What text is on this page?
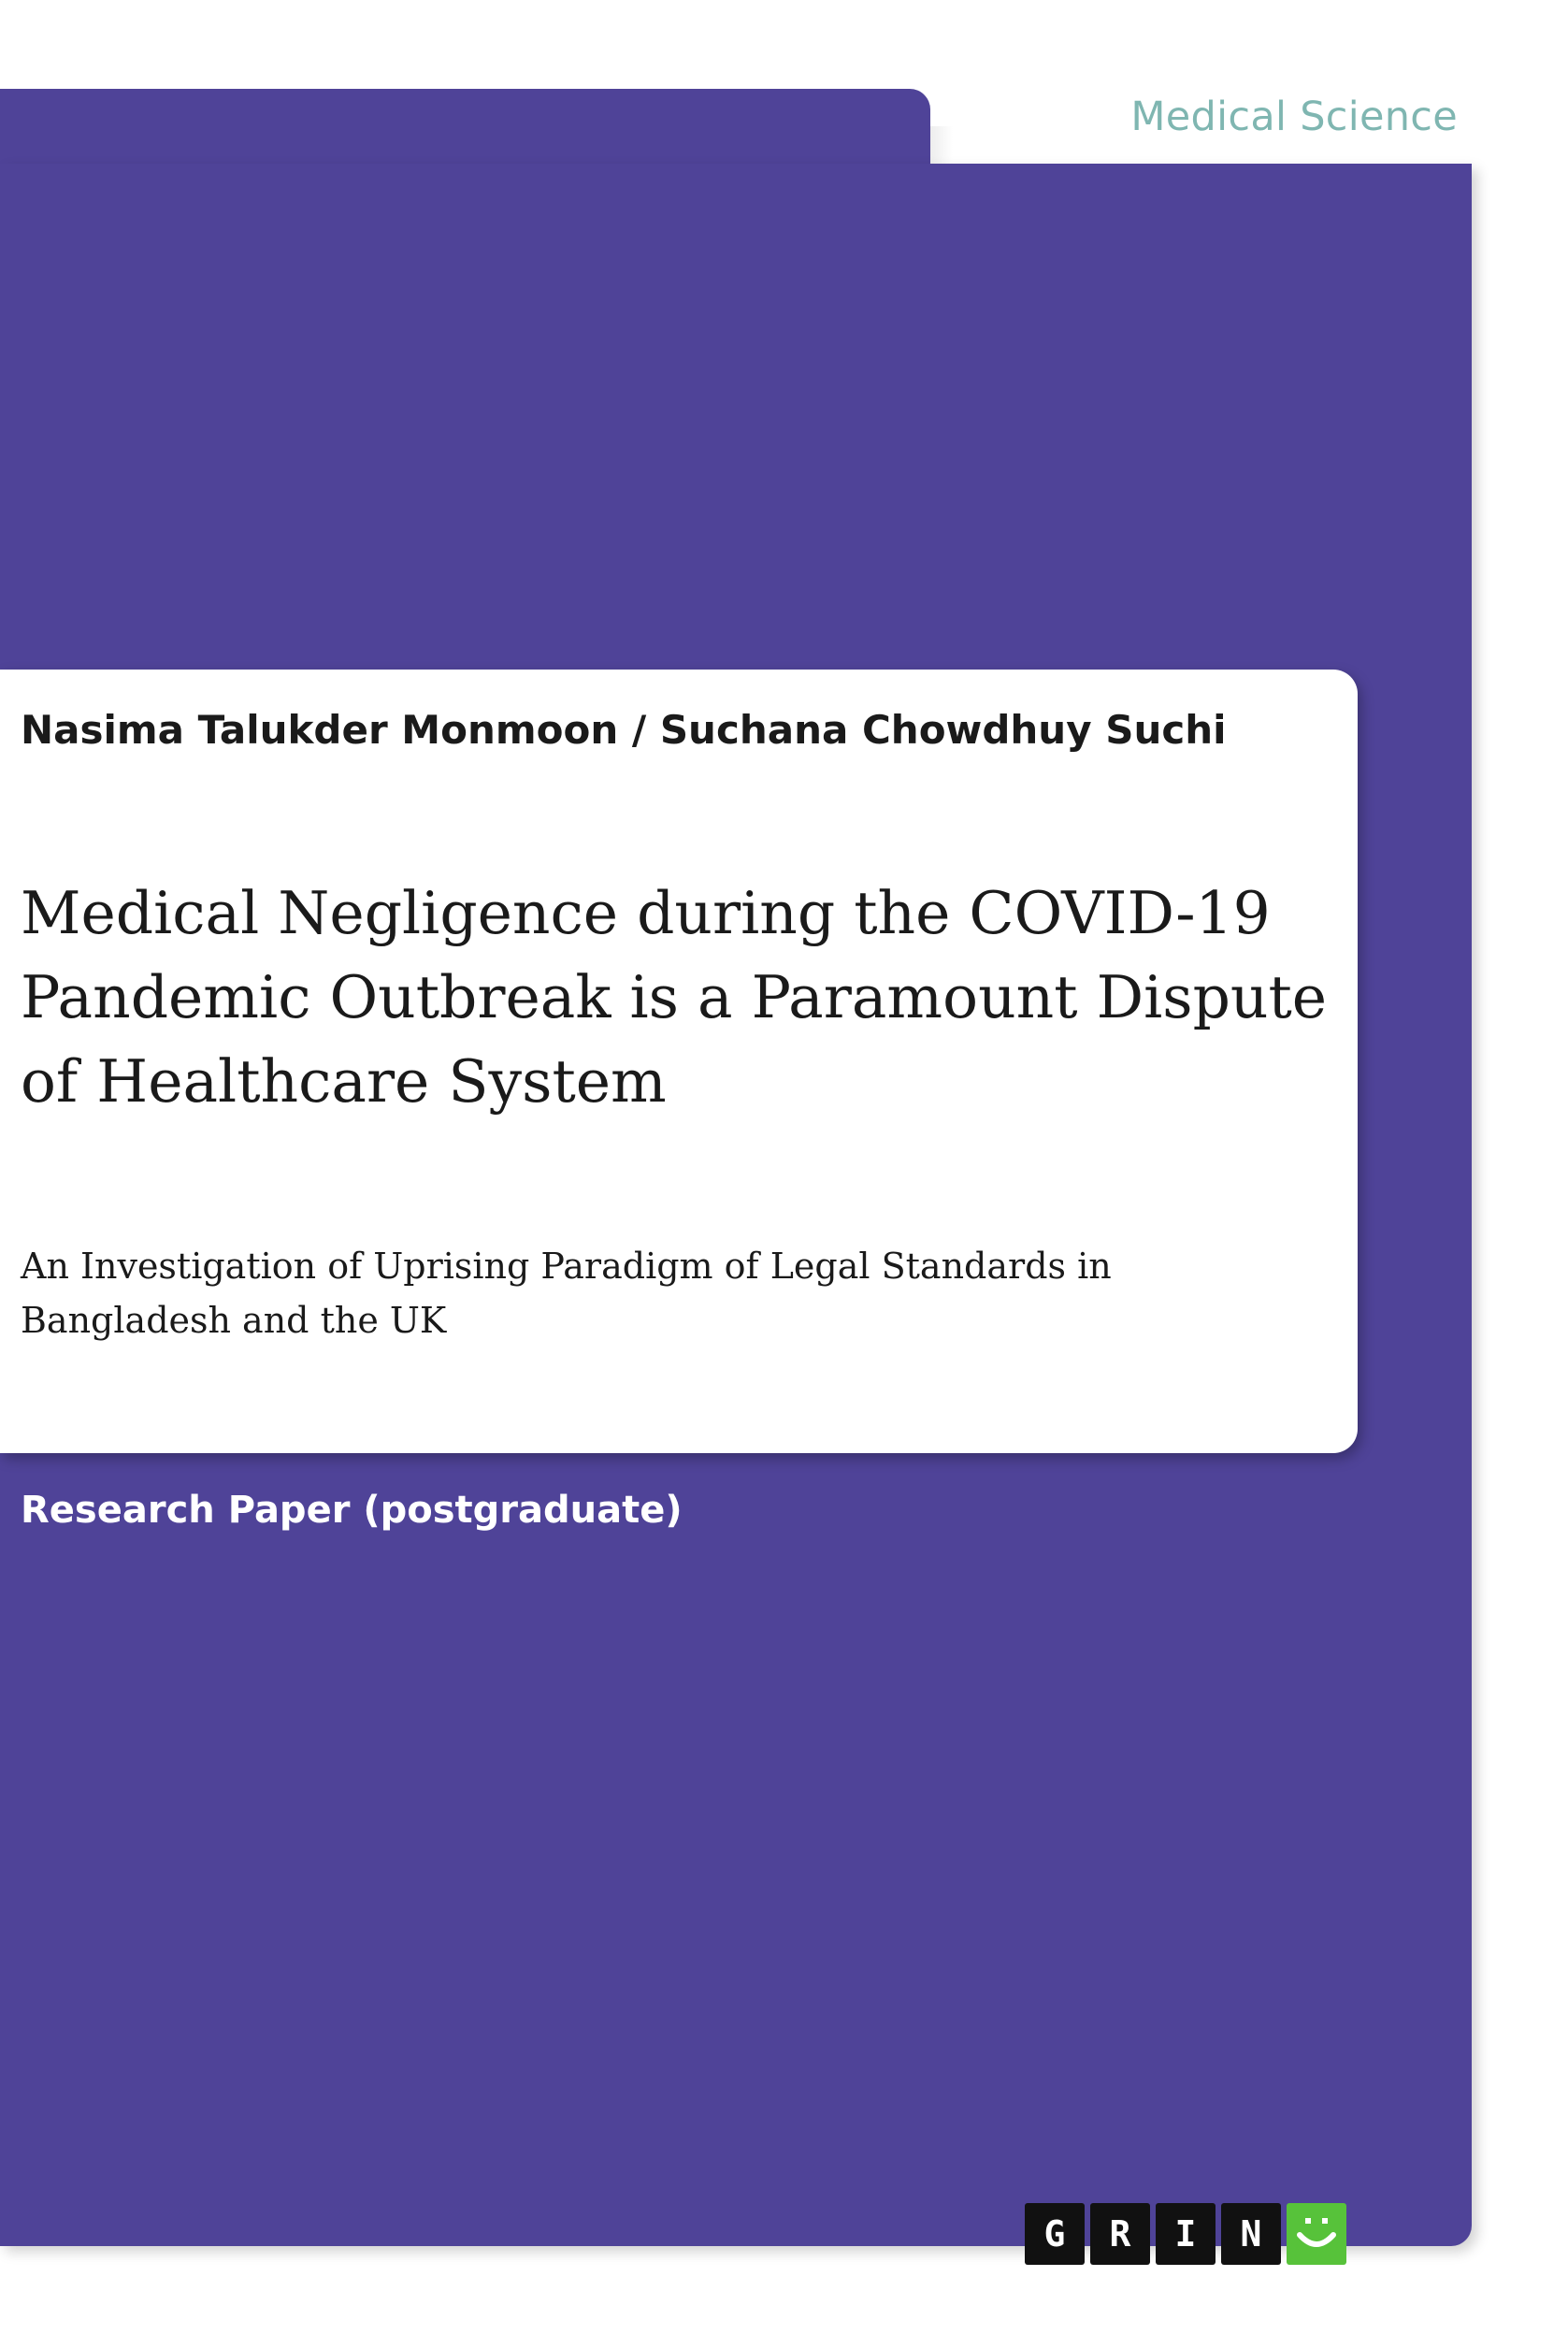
Medical Science
Nasima Talukder Monmoon / Suchana Chowdhuy Suchi
Medical Negligence during the COVID-19 Pandemic Outbreak is a Paramount Dispute of Healthcare System
An Investigation of Uprising Paradigm of Legal Standards in Bangladesh and the UK
Research Paper (postgraduate)
G	R	I	N
